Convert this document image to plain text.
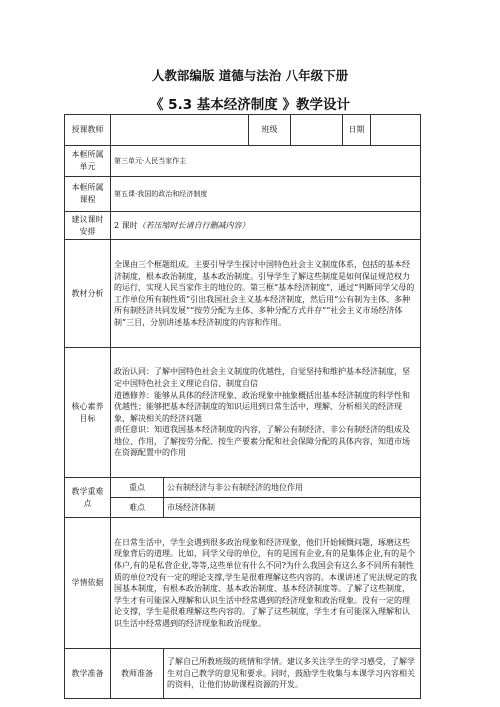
人教部编版 道德与法治 八年级下册
《 5.3 基本经济制度 》教学设计
授课教师			班级		日期	
本框所属单元	第三单元·人民当家作主					
本框所属课程	第五课·我国的政治和经济制度					
建议课时安排	2 课时（若压缩时长请自行删减内容）					
教材分析	全课由三个框题组成。主要引导学生探讨中国特色社会主义制度体系，包括的基本经济制度，根本政治制度，基本政治制度。引导学生了解这些制度是如何保证规范权力的运行，实现人民当家作主的地位的。第三框“基本经济制度”，通过“判断同学父母的工作单位所有制性质”引出我国社会主义基本经济制度，然后用“公有制为主体、多种所有制经济共同发展”“按劳分配为主体、多种分配方式并存”“社会主义市场经济体制”三目，分别讲述基本经济制度的内容和作用。					
核心素养目标	政治认同：了解中国特色社会主义制度的优越性，自觉坚持和维护基本经济制度，坚定中国特色社会主义理论自信、制度自信

道德修养：能够从具体的经济现象、政治现象中抽象概括出基本经济制度的科学性和优越性；能够把基本经济制度的知识运用到日常生活中，理解、分析相关的经济现象，解决相关的经济问题

责任意识：知道我国基本经济制度的内容，了解公有制经济、非公有制经济的组成及地位、作用，了解按劳分配、按生产要素分配和社会保障分配的具体内容，知道市场在资源配置中的作用					

教学重难点	重点	公有制经济与非公有制经济的地位作用				
	难点	市场经济体制				
学情依据	在日常生活中，学生会遇到很多政治现象和经济现象，他们开始倾慨问题，琢磨这些现象背后的道理。比如，同学父母的单位，有的是国有企业,有的是集体企业,有的是个体户,有的是私营企业,等等,这些单位有什么不同?为什么我国会有这么多不同所有制性质的单位?没有一定的理论支撑,学生是很难理解这些内容的。本课讲述了宪法规定的我国基本制度，有根本政治制度、基本政治制度、基本经济制度等。了解了这些制度，学生才有可能深入理解和认识生活中经常遇到的经济现象和政治现象。没有一定的理论支撑，学生是很难理解这些内容的。了解了这些制度，学生才有可能深入理解和认识生活中经常遇到的经济现象和政治现象。					
教学准备	教师准备	了解自己所教班级的班情和学情。建议多关注学生的学习感受，了解学生对自己教学的意见和要求。同时，鼓励学生收集与本课学习内容相关的资料，让他们协助课程资源的开发。				
